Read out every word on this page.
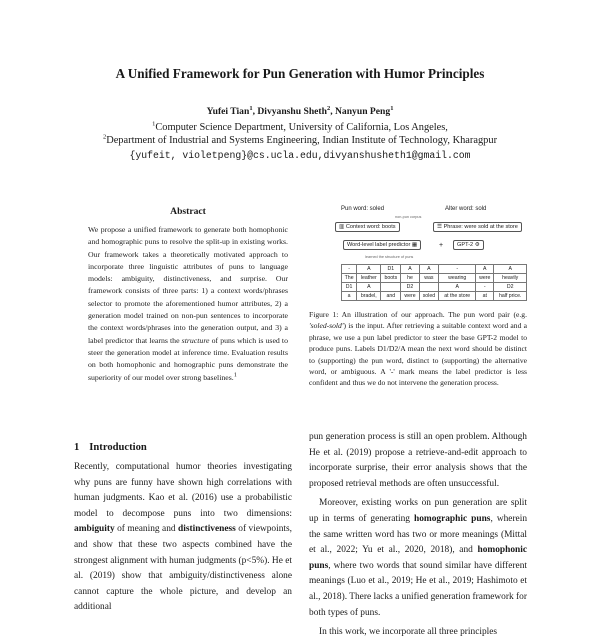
A Unified Framework for Pun Generation with Humor Principles
Yufei Tian$^1$, Divyanshu Sheth$^2$, Nanyun Peng$^1$
$^1$Computer Science Department, University of California, Los Angeles,
$^2$Department of Industrial and Systems Engineering, Indian Institute of Technology, Kharagpur
{yufeit, violetpeng}@cs.ucla.edu,divyanshusheth1@gmail.com
Abstract
We propose a unified framework to generate both homophonic and homographic puns to resolve the split-up in existing works. Our framework takes a theoretically motivated approach to incorporate three linguistic attributes of puns to language models: ambiguity, distinctiveness, and surprise. Our framework consists of three parts: 1) a context words/phrases selector to promote the aforementioned humor attributes, 2) a generation model trained on non-pun sentences to incorporate the context words/phrases into the generation output, and 3) a label predictor that learns the structure of puns which is used to steer the generation model at inference time. Evaluation results on both homophonic and homographic puns demonstrate the superiority of our model over strong baselines.$^1$
1 Introduction
Recently, computational humor theories investigating why puns are funny have shown high correlations with human judgments. Kao et al. (2016) use a probabilistic model to decompose puns into two dimensions: ambiguity of meaning and distinctiveness of viewpoints, and show that these two aspects combined have the strongest alignment with human judgments (p<5%). He et al. (2019) show that ambiguity/distinctiveness alone cannot capture the whole picture, and develop an additional
Pun word: soled	Alter word: sold
non-pun corpus
▥ Context word: boots	☰ Phrase: were sold at the store
Word-level label predictor ▦	+	GPT-2 ⚙
learned the structure of puns
-	A	D1	A	A	-	A	A
The	leather	boots	he	was	wearing	were	heavily
D1	A		D2		A	-	D2
a	bradel,	and	were	soled	at the store	at	half price.
Figure 1: An illustration of our approach. The pun word pair (e.g. 'soled-sold') is the input. After retrieving a suitable context word and a phrase, we use a pun label predictor to steer the base GPT-2 model to produce puns. Labels D1/D2/A mean the next word should be distinct to (supporting) the pun word, distinct to (supporting) the alternative word, or ambiguous. A '-' mark means the label predictor is less confident and thus we do not intervene the generation process.

pun generation process is still an open problem. Although He et al. (2019) propose a retrieve-and-edit approach to incorporate surprise, their error analysis shows that the proposed retrieval methods are often unsuccessful.

Moreover, existing works on pun generation are split up in terms of generating homographic puns, wherein the same written word has two or more meanings (Mittal et al., 2022; Yu et al., 2020, 2018), and homophonic puns, where two words that sound similar have different meanings (Luo et al., 2019; He et al., 2019; Hashimoto et al., 2018). There lacks a unified generation framework for both types of puns.

In this work, we incorporate all three principles
